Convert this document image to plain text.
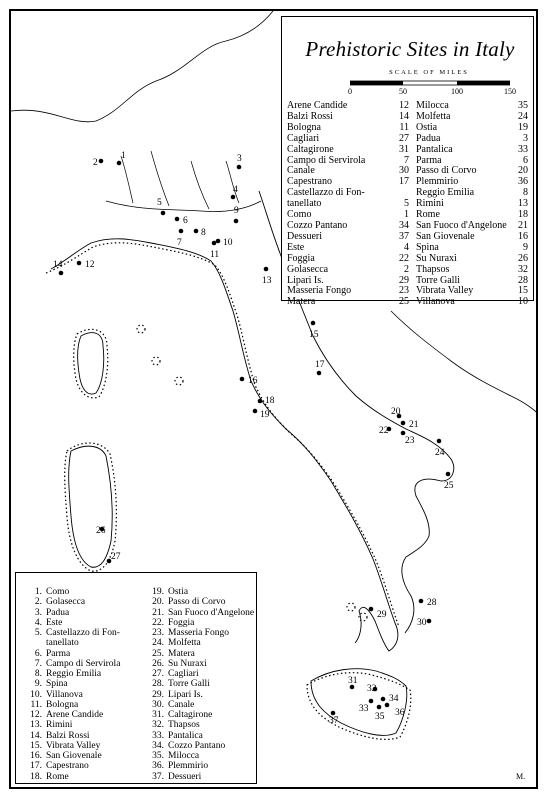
1
2	3
4
5
6
7
8
9
10
11
12
13
14
15
16
17
18
19	20
21
22
23
24
25
26
27
28
29
30
31
32
33
34
35 36
37
Prehistoric Sites in Italy
SCALE OF MILES
0	50	100	150
Arene Candide	12
Balzi Rossi	14
Bologna	11
Cagliari	27
Caltagirone	31
Campo di Servirola	7
Canale	30
Capestrano	17
Castellazzo di Fon-
tanellato	5
Como	1
Cozzo Pantano	34
Dessueri	37
Este	4
Foggia	22
Golasecca	2
Lipari Is.	29
Masseria Fongo	23
Matera	25
Milocca	35
Molfetta	24
Ostia	19
Padua	3
Pantalica	33
Parma	6
Passo di Corvo	20
Plemmirio	36
Reggio Emilia	8
Rimini	13
Rome	18
San Fuoco d'Angelone	21
San Giovenale	16
Spina	9
Su Nuraxi	26
Thapsos	32
Torre Galli	28
Vibrata Valley	15
Villanova	10
1. Como
2. Golasecca
3. Padua
4. Este
5. Castellazzo di Fon-
tanellato
6. Parma
7. Campo di Servirola
8. Reggio Emilia
9. Spina
10. Villanova
11. Bologna
12. Arene Candide
13. Rimini
14. Balzi Rossi
15. Vibrata Valley
16. San Giovenale
17. Capestrano
18. Rome
19. Ostia
20. Passo di Corvo
21. San Fuoco d'Angelone
22. Foggia
23. Masseria Fongo
24. Molfetta
25. Matera
26. Su Nuraxi
27. Cagliari
28. Torre Galli
29. Lipari Is.
30. Canale
31. Caltagirone
32. Thapsos
33. Pantalica
34. Cozzo Pantano
35. Milocca
36. Plemmirio
37. Dessueri	M.
